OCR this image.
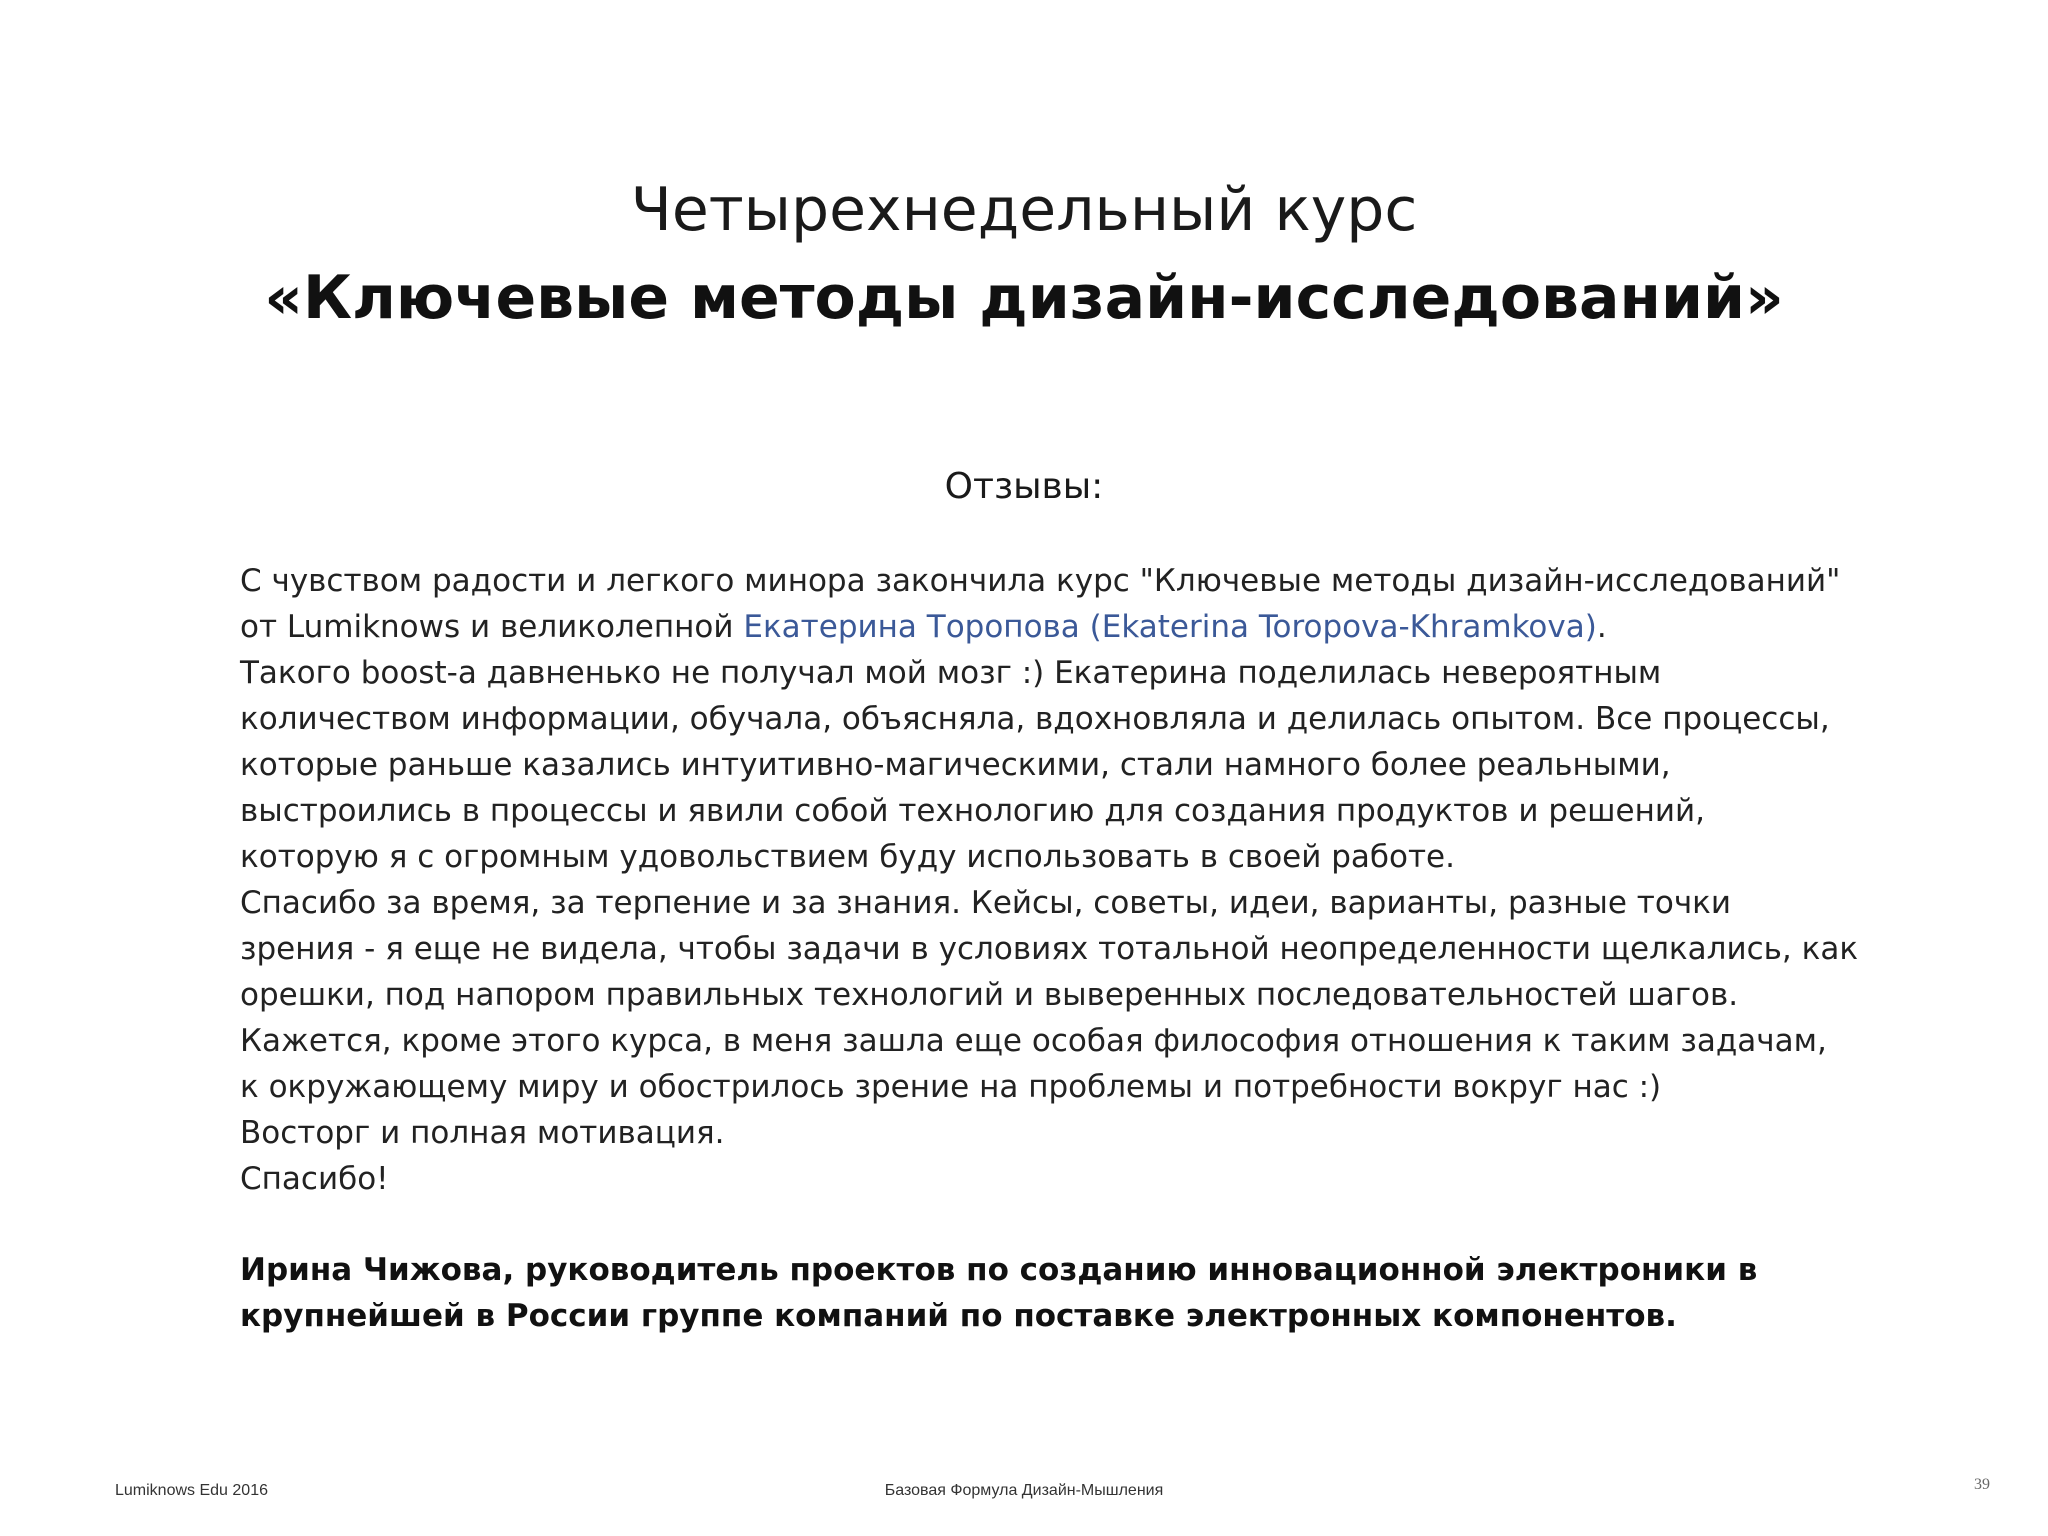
Четырехнедельный курс
«Ключевые методы дизайн-исследований»
Отзывы:
С чувством радости и легкого минора закончила курс "Ключевые методы дизайн-исследований"
от Lumiknows и великолепной Екатерина Торопова (Ekaterina Toropova-Khramkova).
Такого boost-а давненько не получал мой мозг :) Екатерина поделилась невероятным
количеством информации, обучала, объясняла, вдохновляла и делилась опытом. Все процессы,
которые раньше казались интуитивно-магическими, стали намного более реальными,
выстроились в процессы и явили собой технологию для создания продуктов и решений,
которую я с огромным удовольствием буду использовать в своей работе.
Спасибо за время, за терпение и за знания. Кейсы, советы, идеи, варианты, разные точки
зрения - я еще не видела, чтобы задачи в условиях тотальной неопределенности щелкались, как
орешки, под напором правильных технологий и выверенных последовательностей шагов.
Кажется, кроме этого курса, в меня зашла еще особая философия отношения к таким задачам,
к окружающему миру и обострилось зрение на проблемы и потребности вокруг нас :)
Восторг и полная мотивация.
Спасибо!
Ирина Чижова, руководитель проектов по созданию инновационной электроники в
крупнейшей в России группе компаний по поставке электронных компонентов.
Lumiknows Edu 2016	Базовая Формула Дизайн-Мышления	39
